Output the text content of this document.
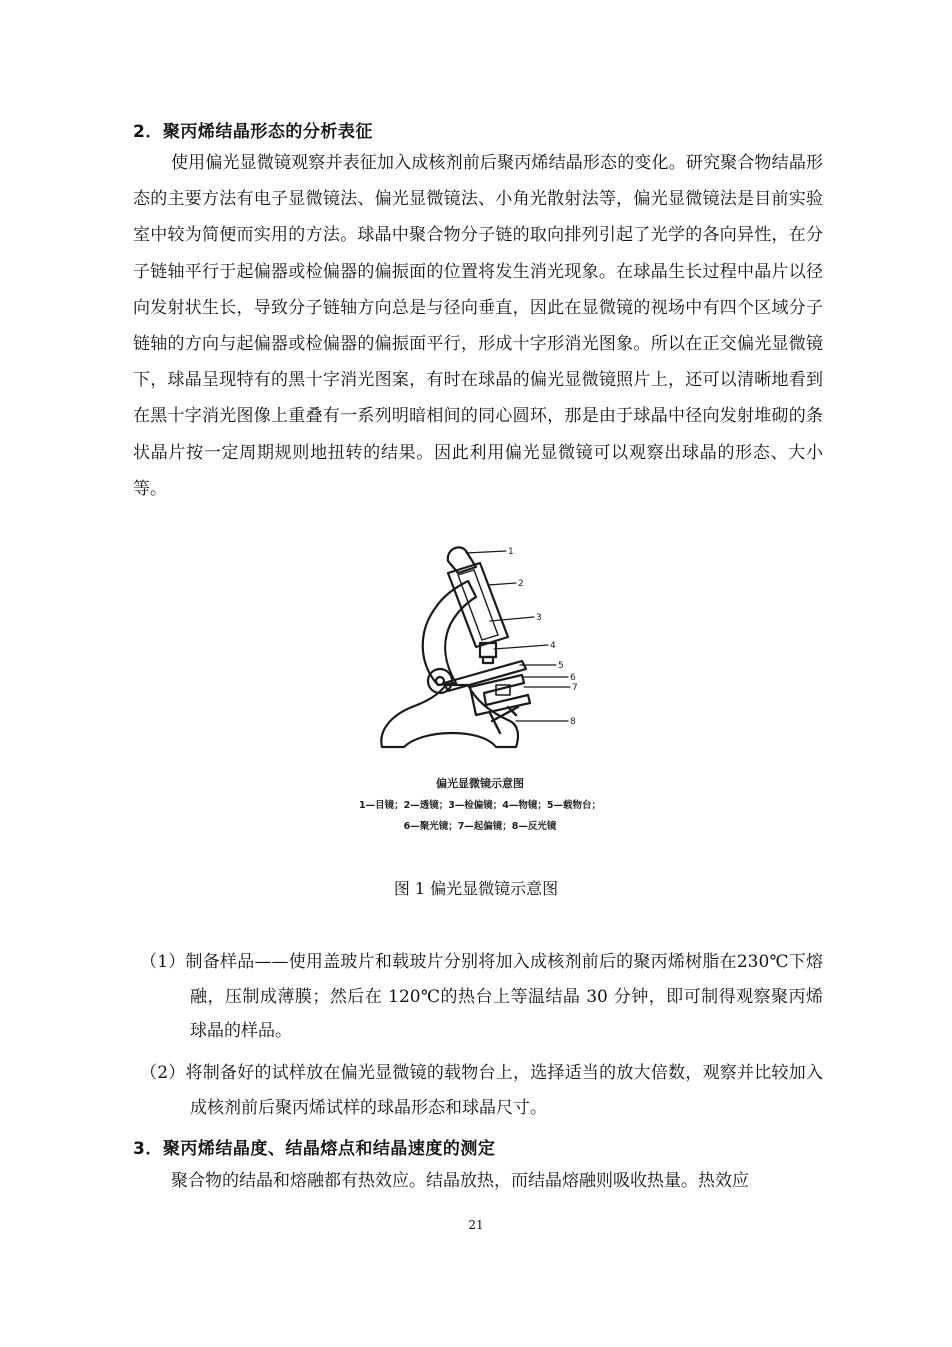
2．聚丙烯结晶形态的分析表征

使用偏光显微镜观察并表征加入成核剂前后聚丙烯结晶形态的变化。研究聚合物结晶形态的主要方法有电子显微镜法、偏光显微镜法、小角光散射法等，偏光显微镜法是目前实验室中较为简便而实用的方法。球晶中聚合物分子链的取向排列引起了光学的各向异性，在分子链轴平行于起偏器或检偏器的偏振面的位置将发生消光现象。在球晶生长过程中晶片以径向发射状生长，导致分子链轴方向总是与径向垂直，因此在显微镜的视场中有四个区域分子链轴的方向与起偏器或检偏器的偏振面平行，形成十字形消光图象。所以在正交偏光显微镜下，球晶呈现特有的黑十字消光图案，有时在球晶的偏光显微镜照片上，还可以清晰地看到在黑十字消光图像上重叠有一系列明暗相间的同心圆环，那是由于球晶中径向发射堆砌的条状晶片按一定周期规则地扭转的结果。因此利用偏光显微镜可以观察出球晶的形态、大小等。

1
2
3
4
5
6
7
8
偏光显微镜示意图
1—目镜；2—透镜；3—检偏镜；4—物镜；5—载物台；
6—聚光镜；7—起偏镜；8—反光镜
图 1 偏光显微镜示意图

（1）制备样品——使用盖玻片和载玻片分别将加入成核剂前后的聚丙烯树脂在230℃下熔融，压制成薄膜；然后在 120℃的热台上等温结晶 30 分钟，即可制得观察聚丙烯球晶的样品。

（2）将制备好的试样放在偏光显微镜的载物台上，选择适当的放大倍数，观察并比较加入成核剂前后聚丙烯试样的球晶形态和球晶尺寸。

3．聚丙烯结晶度、结晶熔点和结晶速度的测定

聚合物的结晶和熔融都有热效应。结晶放热，而结晶熔融则吸收热量。热效应

21
